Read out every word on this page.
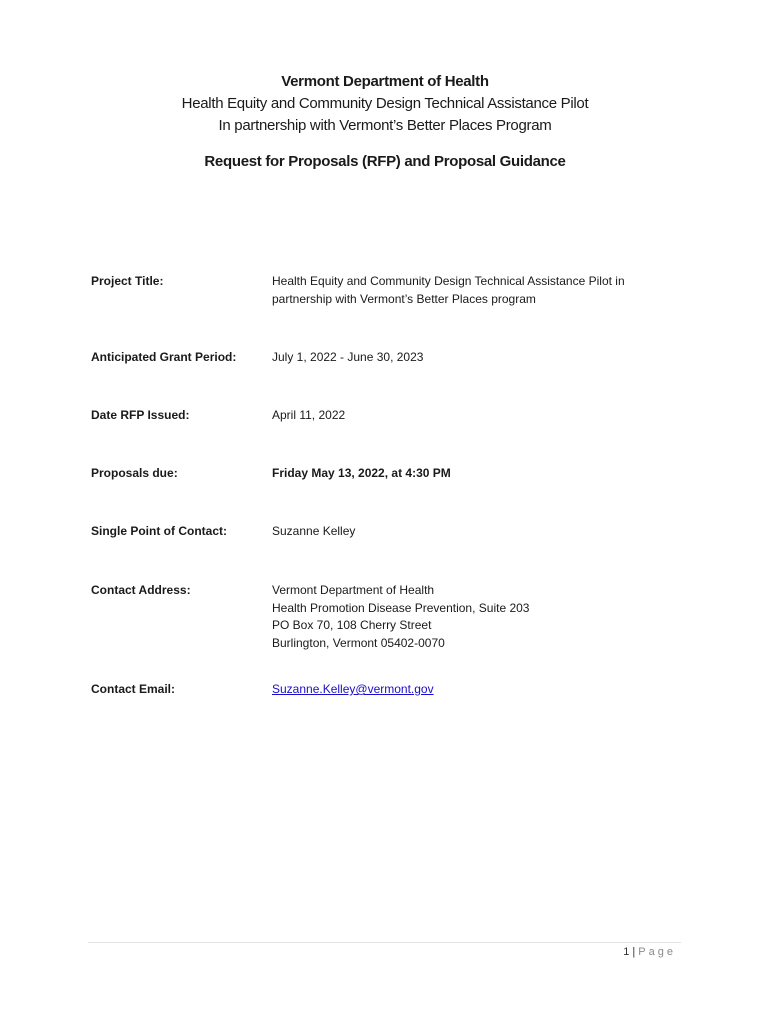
Vermont Department of Health
Health Equity and Community Design Technical Assistance Pilot
In partnership with Vermont’s Better Places Program
Request for Proposals (RFP) and Proposal Guidance
Project Title:	Health Equity and Community Design Technical Assistance Pilot in
partnership with Vermont’s Better Places program
Anticipated Grant Period:	July 1, 2022 - June 30, 2023
Date RFP Issued:	April 11, 2022
Proposals due:	Friday May 13, 2022, at 4:30 PM
Single Point of Contact:	Suzanne Kelley
Contact Address:	Vermont Department of Health
Health Promotion Disease Prevention, Suite 203
PO Box 70, 108 Cherry Street
Burlington, Vermont 05402-0070
Contact Email:	Suzanne.Kelley@vermont.gov
1 | Page
